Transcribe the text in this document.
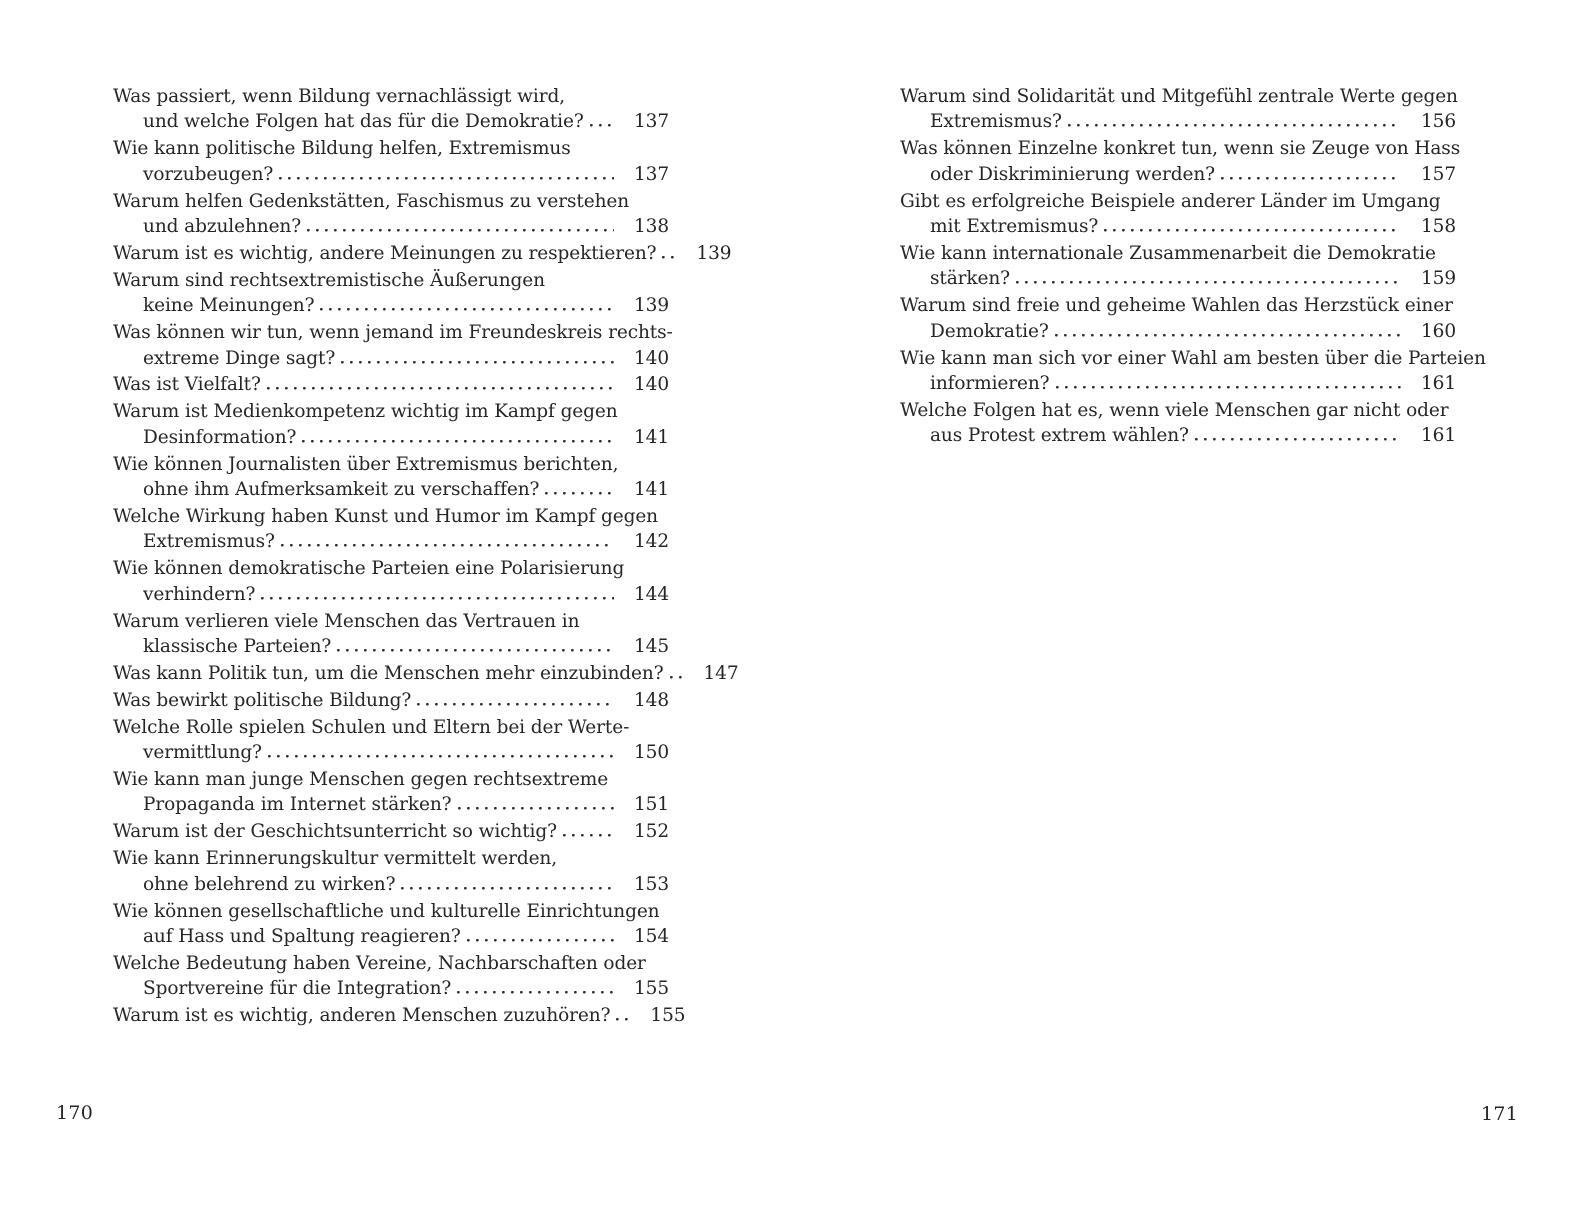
Was passiert, wenn Bildung vernachlässigt wird,
und welche Folgen hat das für die Demokratie?	137
Wie kann politische Bildung helfen, Extremismus
vorzubeugen?	137
Warum helfen Gedenkstätten, Faschismus zu verstehen
und abzulehnen?	138
Warum ist es wichtig, andere Meinungen zu respektieren? 139
Warum sind rechtsextremistische Äußerungen
keine Meinungen?	139
Was können wir tun, wenn jemand im Freundeskreis rechts-
extreme Dinge sagt?	140
Was ist Vielfalt?	140
Warum ist Medienkompetenz wichtig im Kampf gegen
Desinformation?	141
Wie können Journalisten über Extremismus berichten,
ohne ihm Aufmerksamkeit zu verschaffen?	141
Welche Wirkung haben Kunst und Humor im Kampf gegen
Extremismus?	142
Wie können demokratische Parteien eine Polarisierung
verhindern?	144
Warum verlieren viele Menschen das Vertrauen in
klassische Parteien?	145
Was kann Politik tun, um die Menschen mehr einzubinden? 147
Was bewirkt politische Bildung?	148
Welche Rolle spielen Schulen und Eltern bei der Werte-
vermittlung?	150
Wie kann man junge Menschen gegen rechtsextreme
Propaganda im Internet stärken?	151
Warum ist der Geschichtsunterricht so wichtig?	152
Wie kann Erinnerungskultur vermittelt werden,
ohne belehrend zu wirken?	153
Wie können gesellschaftliche und kulturelle Einrichtungen
auf Hass und Spaltung reagieren?	154
Welche Bedeutung haben Vereine, Nachbarschaften oder
Sportvereine für die Integration?	155
Warum ist es wichtig, anderen Menschen zuzuhören? 155
Warum sind Solidarität und Mitgefühl zentrale Werte gegen
Extremismus?	156
Was können Einzelne konkret tun, wenn sie Zeuge von Hass
oder Diskriminierung werden?	157
Gibt es erfolgreiche Beispiele anderer Länder im Umgang
mit Extremismus?	158
Wie kann internationale Zusammenarbeit die Demokratie
stärken?	159
Warum sind freie und geheime Wahlen das Herzstück einer
Demokratie?	160
Wie kann man sich vor einer Wahl am besten über die Parteien
informieren?	161
Welche Folgen hat es, wenn viele Menschen gar nicht oder
aus Protest extrem wählen?	161
170	171
